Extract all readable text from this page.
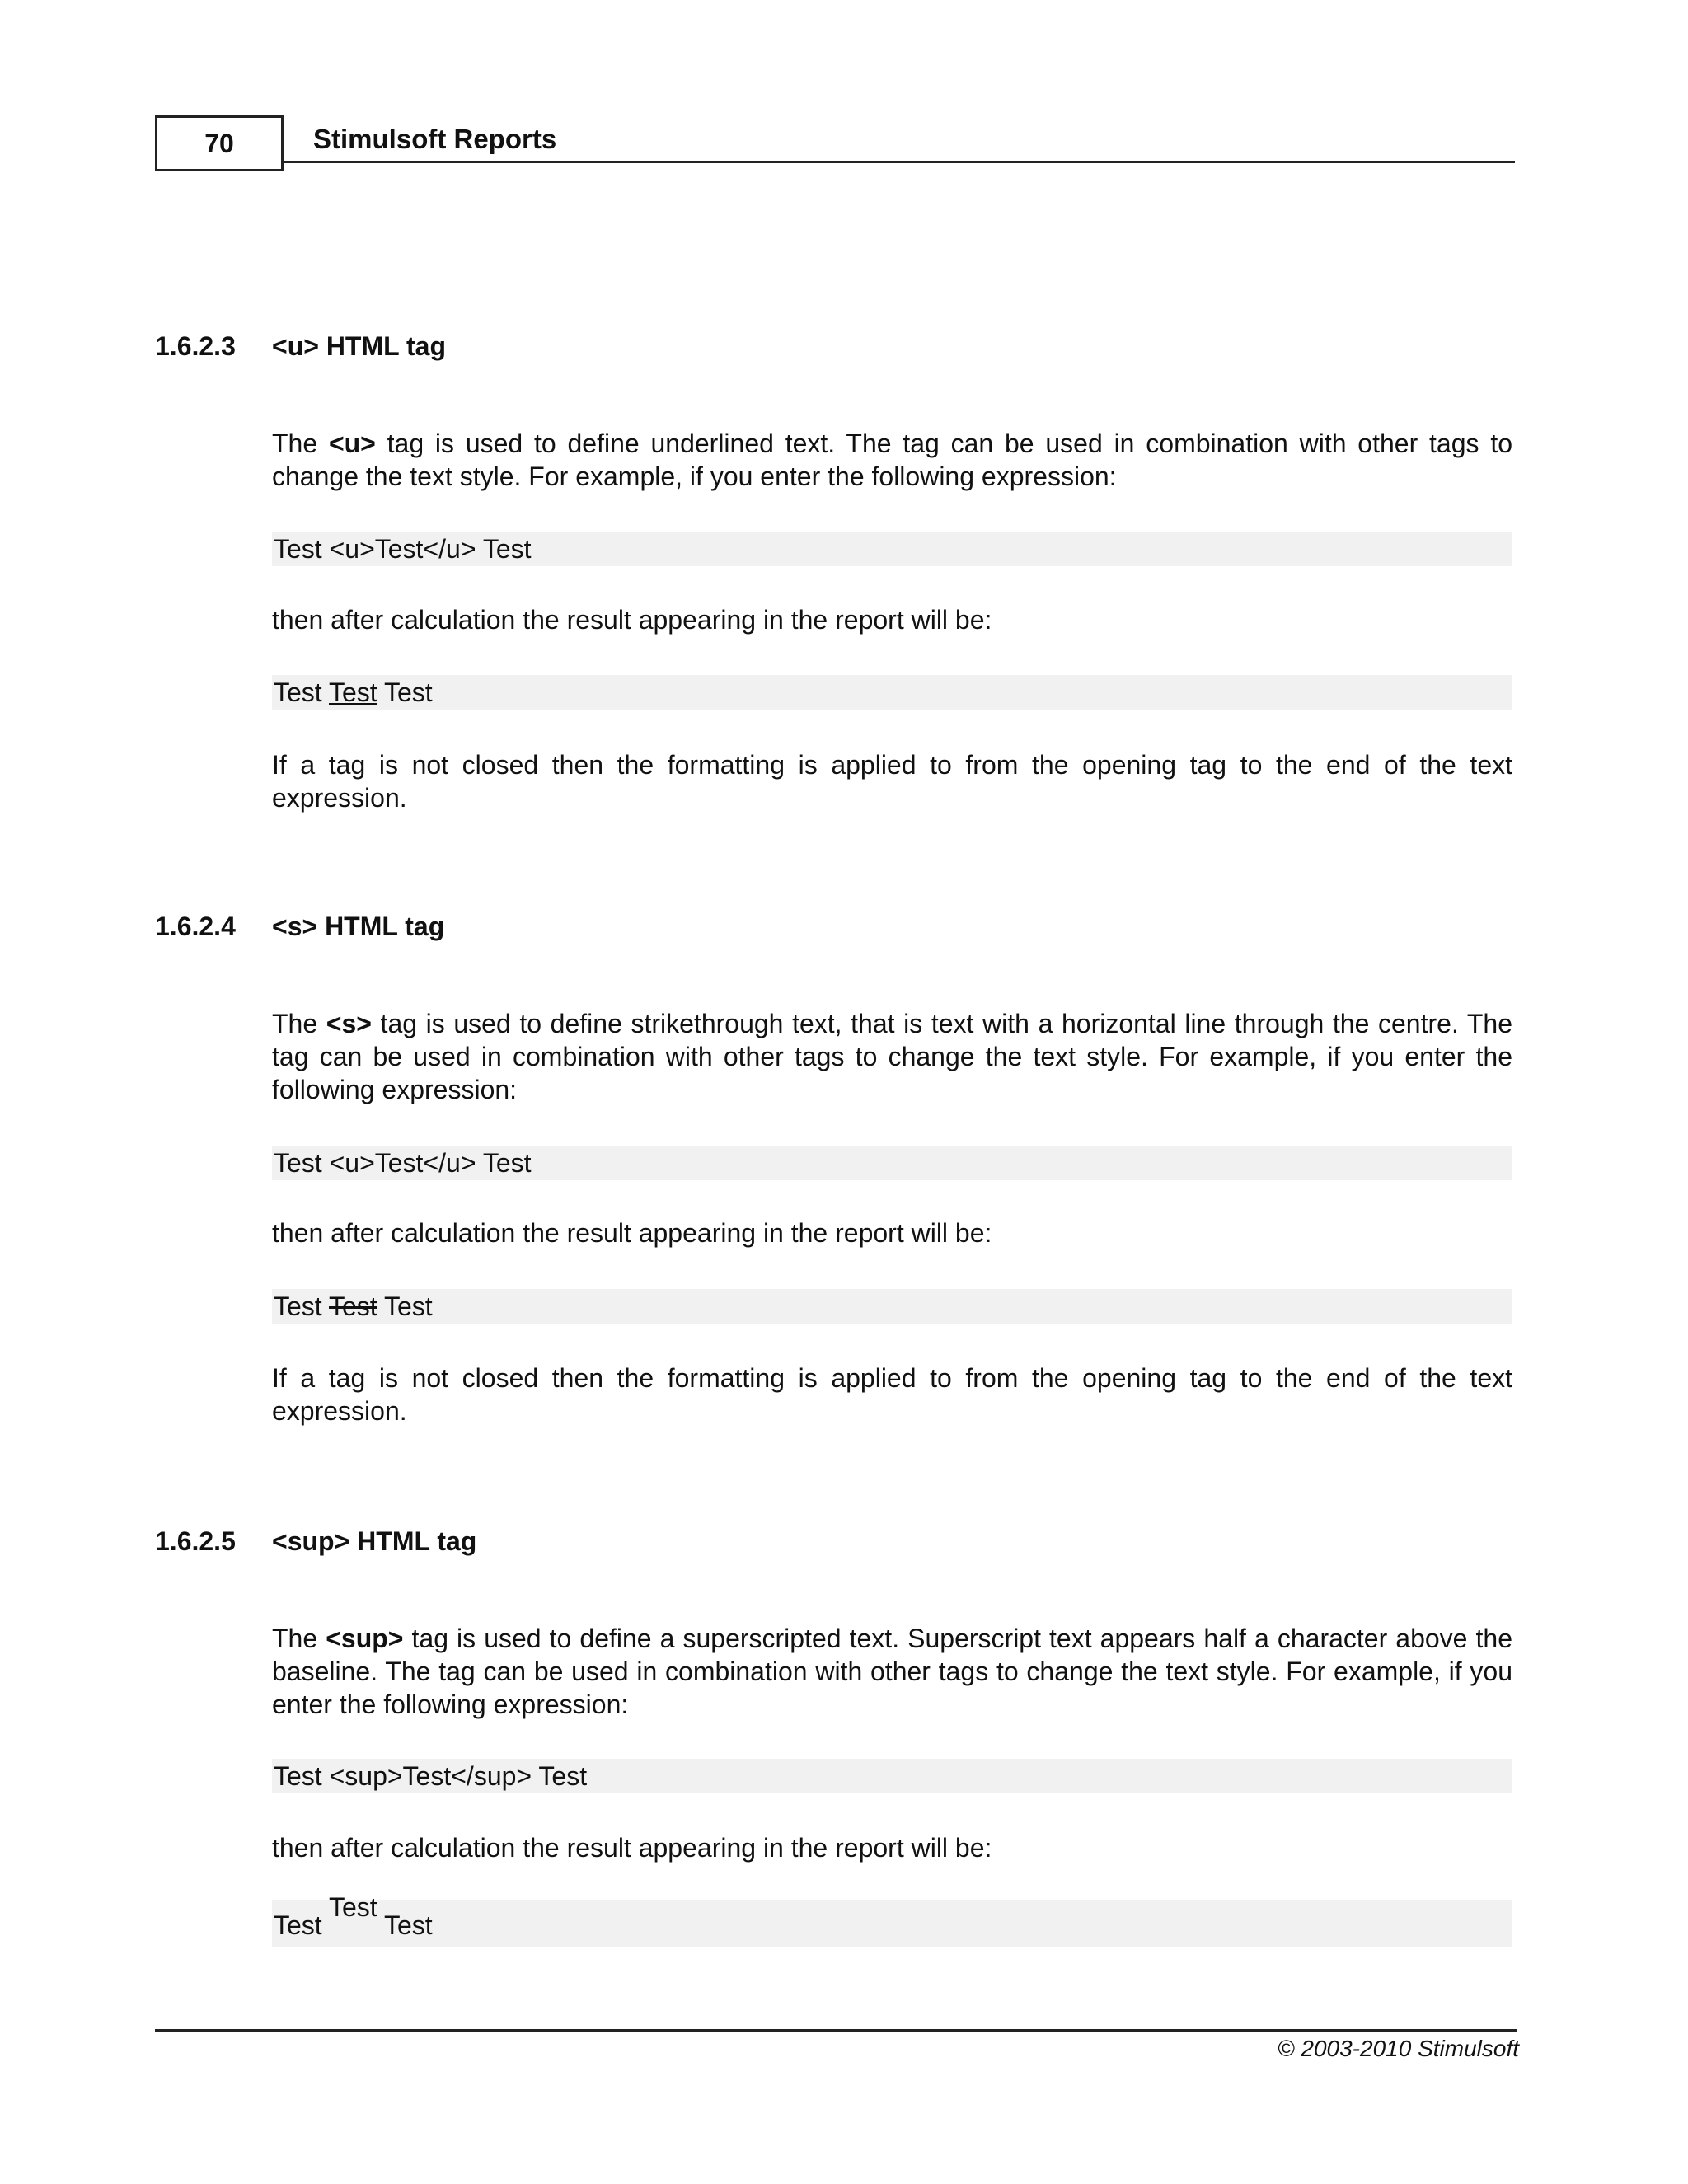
70	Stimulsoft Reports
1.6.2.3 <u> HTML tag
The <u> tag is used to define underlined text. The tag can be used in combination with other tags to change the text style. For example, if you enter the following expression:
Test <u>Test</u> Test
then after calculation the result appearing in the report will be:
Test Test Test
If a tag is not closed then the formatting is applied to from the opening tag to the end of the text expression.
1.6.2.4 <s> HTML tag
The <s> tag is used to define strikethrough text, that is text with a horizontal line through the centre. The tag can be used in combination with other tags to change the text style. For example, if you enter the following expression:
Test <u>Test</u> Test
then after calculation the result appearing in the report will be:
Test Test Test
If a tag is not closed then the formatting is applied to from the opening tag to the end of the text expression.
1.6.2.5 <sup> HTML tag
The <sup> tag is used to define a superscripted text. Superscript text appears half a character above the baseline. The tag can be used in combination with other tags to change the text style. For example, if you enter the following expression:
Test <sup>Test</sup> Test
then after calculation the result appearing in the report will be:
Test Test Test
© 2003-2010 Stimulsoft
